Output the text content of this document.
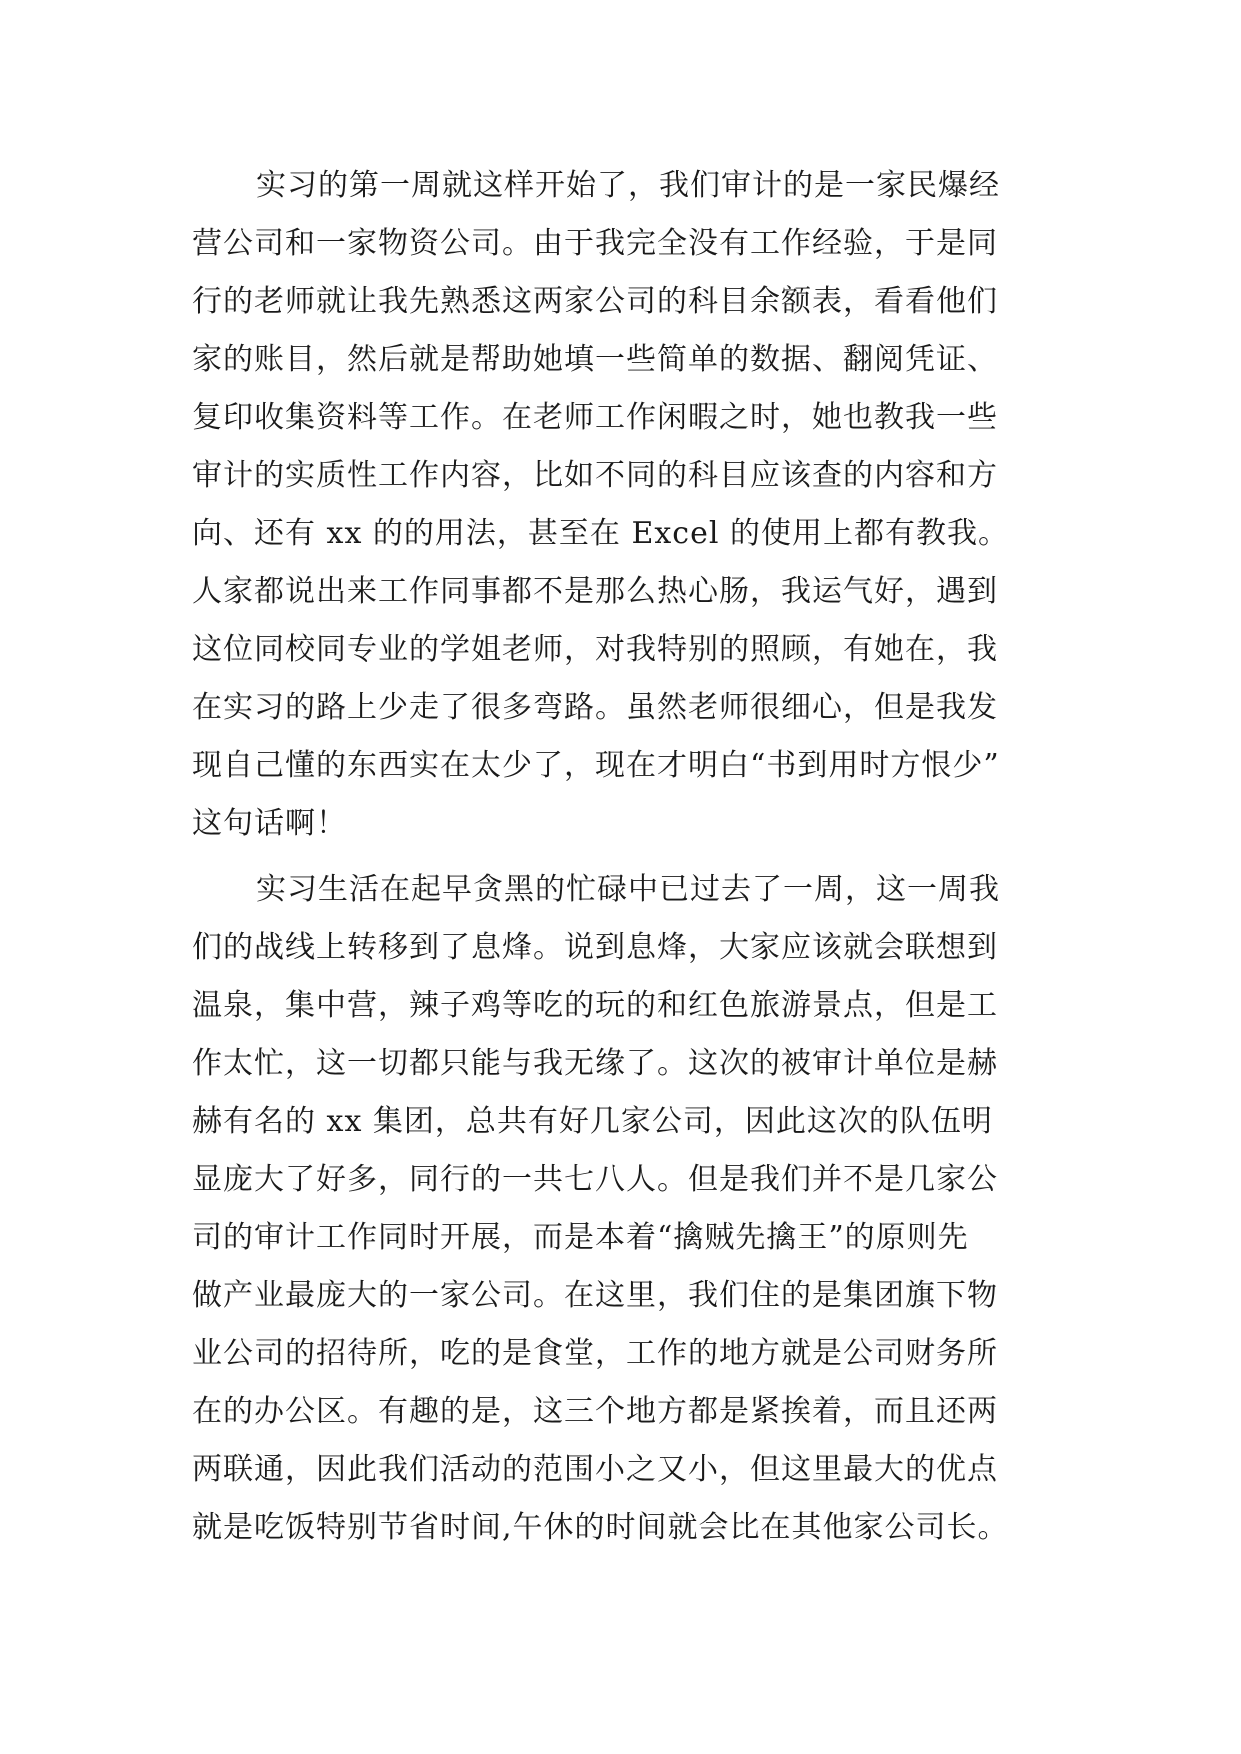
实习的第一周就这样开始了，我们审计的是一家民爆经
营公司和一家物资公司。由于我完全没有工作经验，于是同
行的老师就让我先熟悉这两家公司的科目余额表，看看他们
家的账目，然后就是帮助她填一些简单的数据、翻阅凭证、
复印收集资料等工作。在老师工作闲暇之时，她也教我一些
审计的实质性工作内容，比如不同的科目应该查的内容和方
向、还有 xx 的的用法，甚至在 Excel 的使用上都有教我。
人家都说出来工作同事都不是那么热心肠，我运气好，遇到
这位同校同专业的学姐老师，对我特别的照顾，有她在，我
在实习的路上少走了很多弯路。虽然老师很细心，但是我发
现自己懂的东西实在太少了，现在才明白“书到用时方恨少”
这句话啊！
实习生活在起早贪黑的忙碌中已过去了一周，这一周我
们的战线上转移到了息烽。说到息烽，大家应该就会联想到
温泉，集中营，辣子鸡等吃的玩的和红色旅游景点，但是工
作太忙，这一切都只能与我无缘了。这次的被审计单位是赫
赫有名的 xx 集团，总共有好几家公司，因此这次的队伍明
显庞大了好多，同行的一共七八人。但是我们并不是几家公
司的审计工作同时开展，而是本着“擒贼先擒王”的原则先
做产业最庞大的一家公司。在这里，我们住的是集团旗下物
业公司的招待所，吃的是食堂，工作的地方就是公司财务所
在的办公区。有趣的是，这三个地方都是紧挨着，而且还两
两联通，因此我们活动的范围小之又小，但这里最大的优点
就是吃饭特别节省时间,午休的时间就会比在其他家公司长。
